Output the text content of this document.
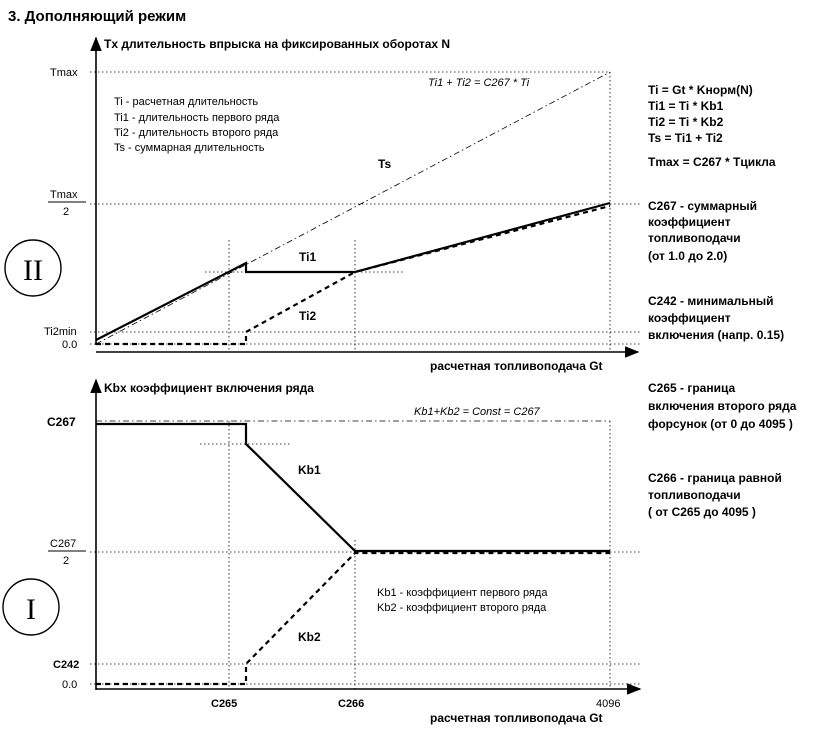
3. Дополняющий режим
Tmax
Tmax
2
Ti2min
0.0
Tx длительность впрыска на фиксированных оборотах N
расчетная топливоподача Gt
Ti1 + Ti2 = C267 * Ti
Ti - расчетная длительность
Ti1 - длительность первого ряда
Ti2 - длительность второго ряда
Ts - суммарная длительность
Ts
Ti1
Ti2
II
C267
C267
2
C242
0.0
C265	C266	4096
Kbx коэффициент включения ряда
расчетная топливоподача Gt
Kb1+Kb2 = Const = C267
Kb1 - коэффициент первого ряда
Kb2 - коэффициент второго ряда
Kb1
Kb2
I
Ti = Gt * Kнорм(N)
Ti1 = Ti * Kb1
Ti2 = Ti * Kb2
Ts = Ti1 + Ti2
Tmax = C267 * Tцикла
C267 - суммарный
коэффициент
топливоподачи
(от 1.0 до 2.0)
C242 - минимальный
коэффициент
включения (напр. 0.15)
C265 - граница
включения второго ряда
форсунок (от 0 до 4095 )
C266 - граница равной
топливоподачи
( от C265 до 4095 )
